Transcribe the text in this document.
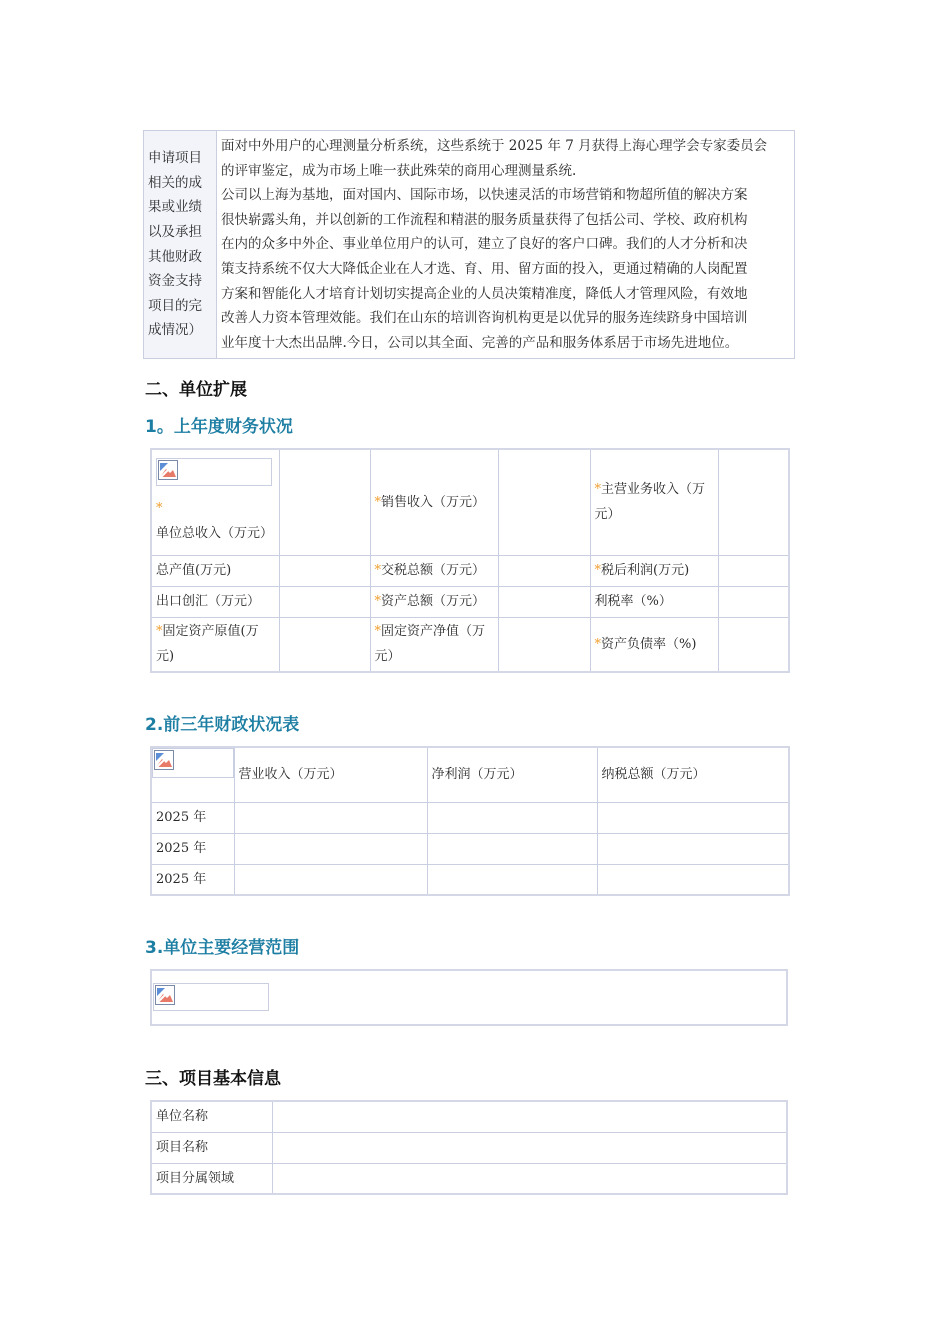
申请项目
相关的成
果或业绩
以及承担
其他财政
资金支持
项目的完
成情况）

面对中外用户的心理测量分析系统，这些系统于 2025 年 7 月获得上海心理学会专家委员会
的评审鉴定，成为市场上唯一获此殊荣的商用心理测量系统.
公司以上海为基地，面对国内、国际市场，以快速灵活的市场营销和物超所值的解决方案
很快崭露头角，并以创新的工作流程和精湛的服务质量获得了包括公司、学校、政府机构
在内的众多中外企、事业单位用户的认可，建立了良好的客户口碑。我们的人才分析和决
策支持系统不仅大大降低企业在人才选、育、用、留方面的投入，更通过精确的人岗配置
方案和智能化人才培育计划切实提高企业的人员决策精准度，降低人才管理风险，有效地
改善人力资本管理效能。我们在山东的培训咨询机构更是以优异的服务连续跻身中国培训
业年度十大杰出品牌.今日，公司以其全面、完善的产品和服务体系居于市场先进地位。
二、单位扩展
1。上年度财务状况
*单位总收入（万元）		*销售收入（万元）		*主营业务收入（万元）	
总产值(万元)		*交税总额（万元）		*税后利润(万元)	
出口创汇（万元）		*资产总额（万元）		利税率（%）	
*固定资产原值(万元)		*固定资产净值（万元）		*资产负债率（%)	
2.前三年财政状况表
	营业收入（万元）	净利润（万元）	纳税总额（万元）
2025 年			
2025 年			
2025 年			
3.单位主要经营范围
三、项目基本信息
单位名称	
项目名称	
项目分属领域	
